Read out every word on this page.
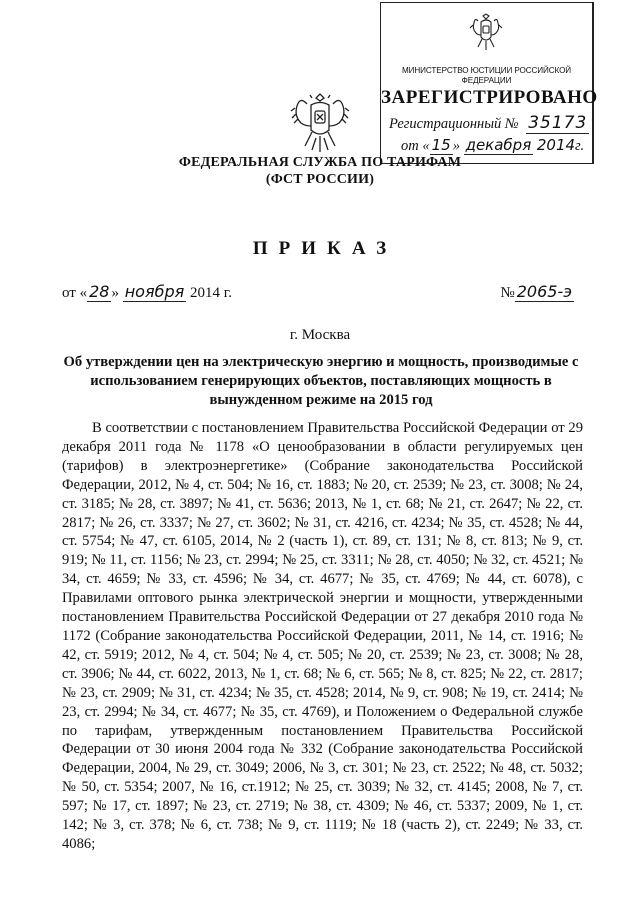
МИНИСТЕРСТВО ЮСТИЦИИ РОССИЙСКОЙ ФЕДЕРАЦИИ
ЗАРЕГИСТРИРОВАНО
Регистрационный № 35173
от « 15 » декабря 2014г.
ФЕДЕРАЛЬНАЯ СЛУЖБА ПО ТАРИФАМ
(ФСТ РОССИИ)
ПРИКАЗ
от « 28 » ноября 2014 г.	№ 2065-э
г. Москва
Об утверждении цен на электрическую энергию и мощность, производимые с использованием генерирующих объектов, поставляющих мощность в вынужденном режиме на 2015 год
В соответствии с постановлением Правительства Российской Федерации от 29 декабря 2011 года № 1178 «О ценообразовании в области регулируемых цен (тарифов) в электроэнергетике» (Собрание законодательства Российской Федерации, 2012, № 4, ст. 504; № 16, ст. 1883; № 20, ст. 2539; № 23, ст. 3008; № 24, ст. 3185; № 28, ст. 3897; № 41, ст. 5636; 2013, № 1, ст. 68; № 21, ст. 2647; № 22, ст. 2817; № 26, ст. 3337; № 27, ст. 3602; № 31, ст. 4216, ст. 4234; № 35, ст. 4528; № 44, ст. 5754; № 47, ст. 6105, 2014, № 2 (часть 1), ст. 89, ст. 131; № 8, ст. 813; № 9, ст. 919; № 11, ст. 1156; № 23, ст. 2994; № 25, ст. 3311; № 28, ст. 4050; № 32, ст. 4521; № 34, ст. 4659; № 33, ст. 4596; № 34, ст. 4677; № 35, ст. 4769; № 44, ст. 6078), с Правилами оптового рынка электрической энергии и мощности, утвержденными постановлением Правительства Российской Федерации от 27 декабря 2010 года № 1172 (Собрание законодательства Российской Федерации, 2011, № 14, ст. 1916; № 42, ст. 5919; 2012, № 4, ст. 504; № 4, ст. 505; № 20, ст. 2539; № 23, ст. 3008; № 28, ст. 3906; № 44, ст. 6022, 2013, № 1, ст. 68; № 6, ст. 565; № 8, ст. 825; № 22, ст. 2817; № 23, ст. 2909; № 31, ст. 4234; № 35, ст. 4528; 2014, № 9, ст. 908; № 19, ст. 2414; № 23, ст. 2994; № 34, ст. 4677; № 35, ст. 4769), и Положением о Федеральной службе по тарифам, утвержденным постановлением Правительства Российской Федерации от 30 июня 2004 года № 332 (Собрание законодательства Российской Федерации, 2004, № 29, ст. 3049; 2006, № 3, ст. 301; № 23, ст. 2522; № 48, ст. 5032; № 50, ст. 5354; 2007, № 16, ст.1912; № 25, ст. 3039; № 32, ст. 4145; 2008, № 7, ст. 597; № 17, ст. 1897; № 23, ст. 2719; № 38, ст. 4309; № 46, ст. 5337; 2009, № 1, ст. 142; № 3, ст. 378; № 6, ст. 738; № 9, ст. 1119; № 18 (часть 2), ст. 2249; № 33, ст. 4086;
